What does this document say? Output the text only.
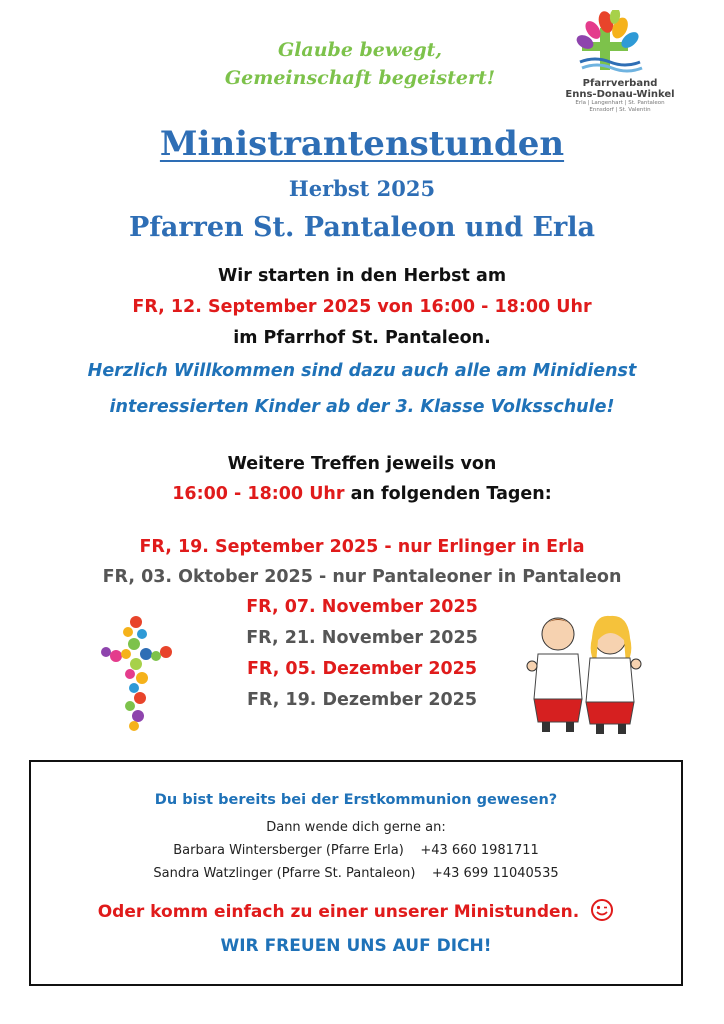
Glaube bewegt,
Gemeinschaft begeistert!	Pfarrverband
Enns-Donau-Winkel
Erla | Langenhart | St. Pantaleon
Ennsdorf | St. Valentin
Ministrantenstunden
Herbst 2025
Pfarren St. Pantaleon und Erla
Wir starten in den Herbst am
FR, 12. September 2025 von 16:00 - 18:00 Uhr
im Pfarrhof St. Pantaleon.
Herzlich Willkommen sind dazu auch alle am Minidienst
interessierten Kinder ab der 3. Klasse Volksschule!
Weitere Treffen jeweils von
16:00 - 18:00 Uhr an folgenden Tagen:
FR, 19. September 2025 - nur Erlinger in Erla
FR, 03. Oktober 2025 - nur Pantaleoner in Pantaleon
FR, 07. November 2025
FR, 21. November 2025
FR, 05. Dezember 2025
FR, 19. Dezember 2025
Du bist bereits bei der Erstkommunion gewesen?
Dann wende dich gerne an:
Barbara Wintersberger (Pfarre Erla)    +43 660 1981711
Sandra Watzlinger (Pfarre St. Pantaleon)    +43 699 11040535
Oder komm einfach zu einer unserer Ministunden.
WIR FREUEN UNS AUF DICH!
